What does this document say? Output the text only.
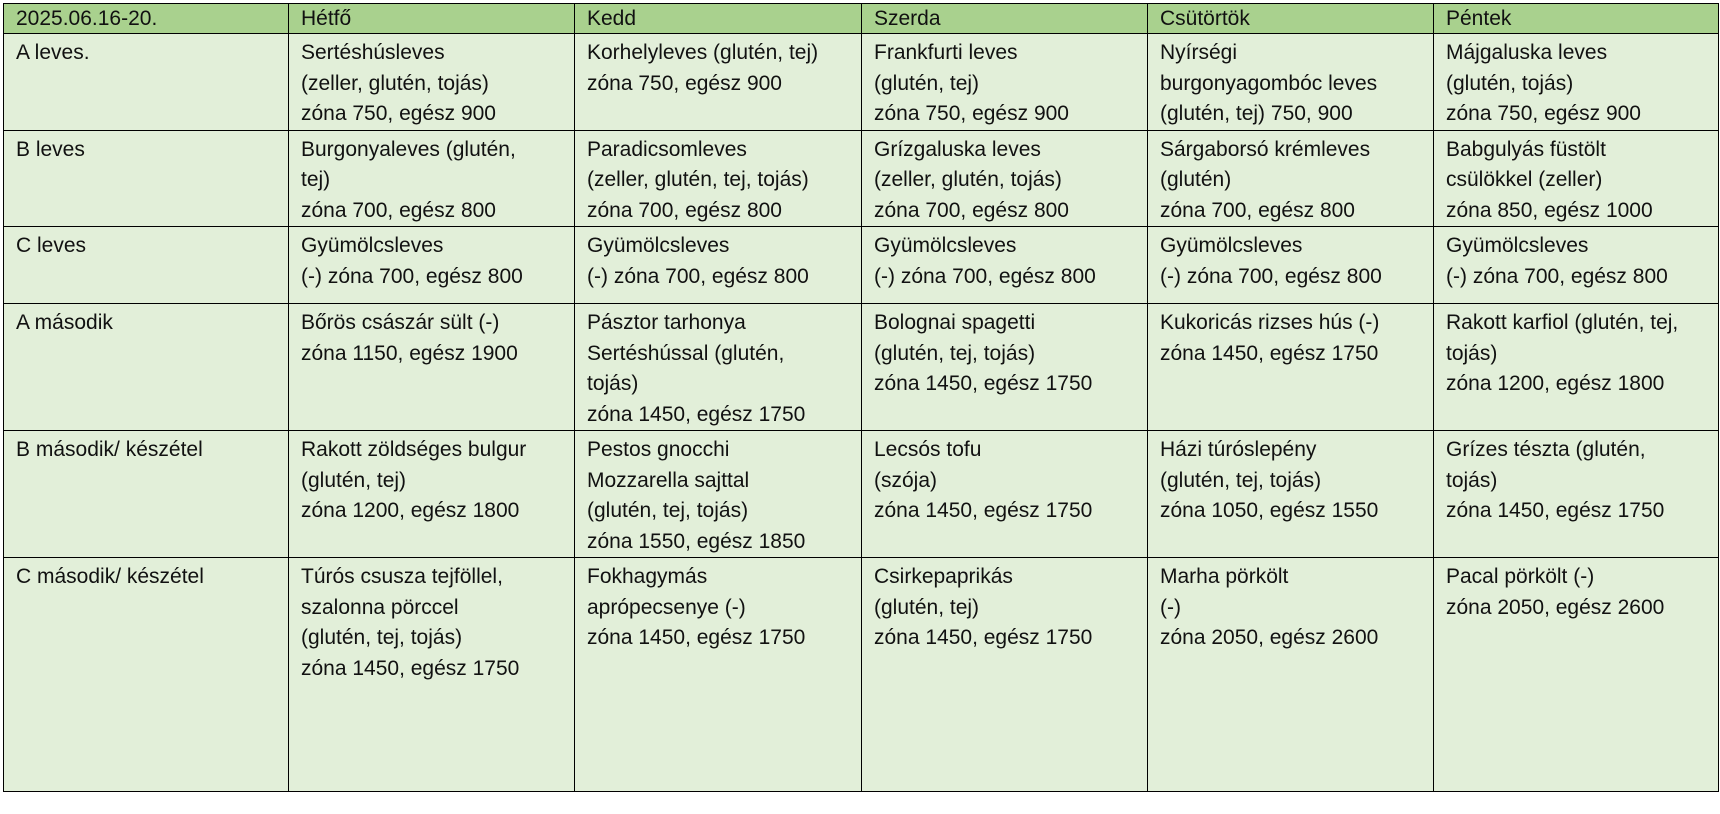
2025.06.16-20.	Hétfő	Kedd	Szerda	Csütörtök	Péntek
A leves.	Sertéshúsleves
(zeller, glutén, tojás)
zóna 750, egész 900	Korhelyleves (glutén, tej)
zóna 750, egész 900	Frankfurti leves
(glutén, tej)
zóna 750, egész 900	Nyírségi
burgonyagombóc leves
(glutén, tej) 750, 900	Májgaluska leves
(glutén, tojás)
zóna 750, egész 900

B leves	Burgonyaleves (glutén,
tej)
zóna 700, egész 800	Paradicsomleves
(zeller, glutén, tej, tojás)
zóna 700, egész 800	Grízgaluska leves
(zeller, glutén, tojás)
zóna 700, egész 800	Sárgaborsó krémleves
(glutén)
zóna 700, egész 800	Babgulyás füstölt
csülökkel (zeller)
zóna 850, egész 1000

C leves	Gyümölcsleves
(-) zóna 700, egész 800	Gyümölcsleves
(-) zóna 700, egész 800	Gyümölcsleves
(-) zóna 700, egész 800	Gyümölcsleves
(-) zóna 700, egész 800	Gyümölcsleves
(-) zóna 700, egész 800

A második	Bőrös császár sült (-)
zóna 1150, egész 1900	Pásztor tarhonya
Sertéshússal (glutén,
tojás)
zóna 1450, egész 1750	Bolognai spagetti
(glutén, tej, tojás)
zóna 1450, egész 1750	Kukoricás rizses hús (-)
zóna 1450, egész 1750	Rakott karfiol (glutén, tej,
tojás)
zóna 1200, egész 1800

B második/ készétel	Rakott zöldséges bulgur
(glutén, tej)
zóna 1200, egész 1800	Pestos gnocchi
Mozzarella sajttal
(glutén, tej, tojás)
zóna 1550, egész 1850	Lecsós tofu
(szója)
zóna 1450, egész 1750	Házi túróslepény
(glutén, tej, tojás)
zóna 1050, egész 1550	Grízes tészta (glutén,
tojás)
zóna 1450, egész 1750

C második/ készétel	Túrós csusza tejföllel,
szalonna pörccel
(glutén, tej, tojás)
zóna 1450, egész 1750	Fokhagymás
aprópecsenye (-)
zóna 1450, egész 1750	Csirkepaprikás
(glutén, tej)
zóna 1450, egész 1750	Marha pörkölt
(-)
zóna 2050, egész 2600	Pacal pörkölt (-)
zóna 2050, egész 2600
